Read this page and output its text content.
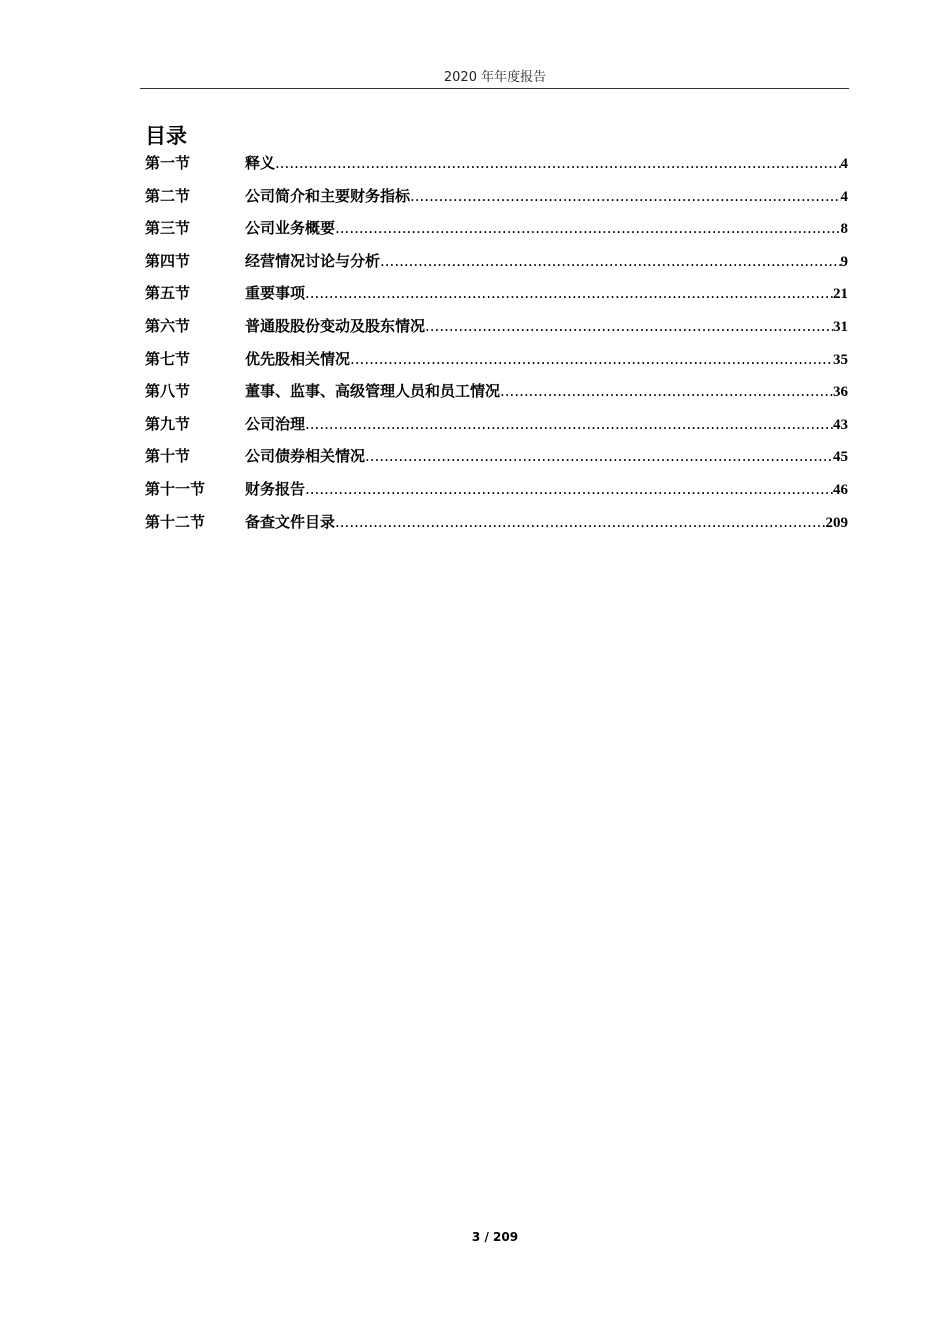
2020 年年度报告
目录
第一节	释义 .....	4
第二节	公司简介和主要财务指标 .....	4
第三节	公司业务概要 .....	8
第四节	经营情况讨论与分析 .....	9
第五节	重要事项 .....	21
第六节	普通股股份变动及股东情况 .....	31
第七节	优先股相关情况 .....	35
第八节	董事、监事、高级管理人员和员工情况 .....	36
第九节	公司治理 .....	43
第十节	公司债券相关情况 .....	45
第十一节	财务报告 .....	46
第十二节	备查文件目录 .....	209
3 / 209
